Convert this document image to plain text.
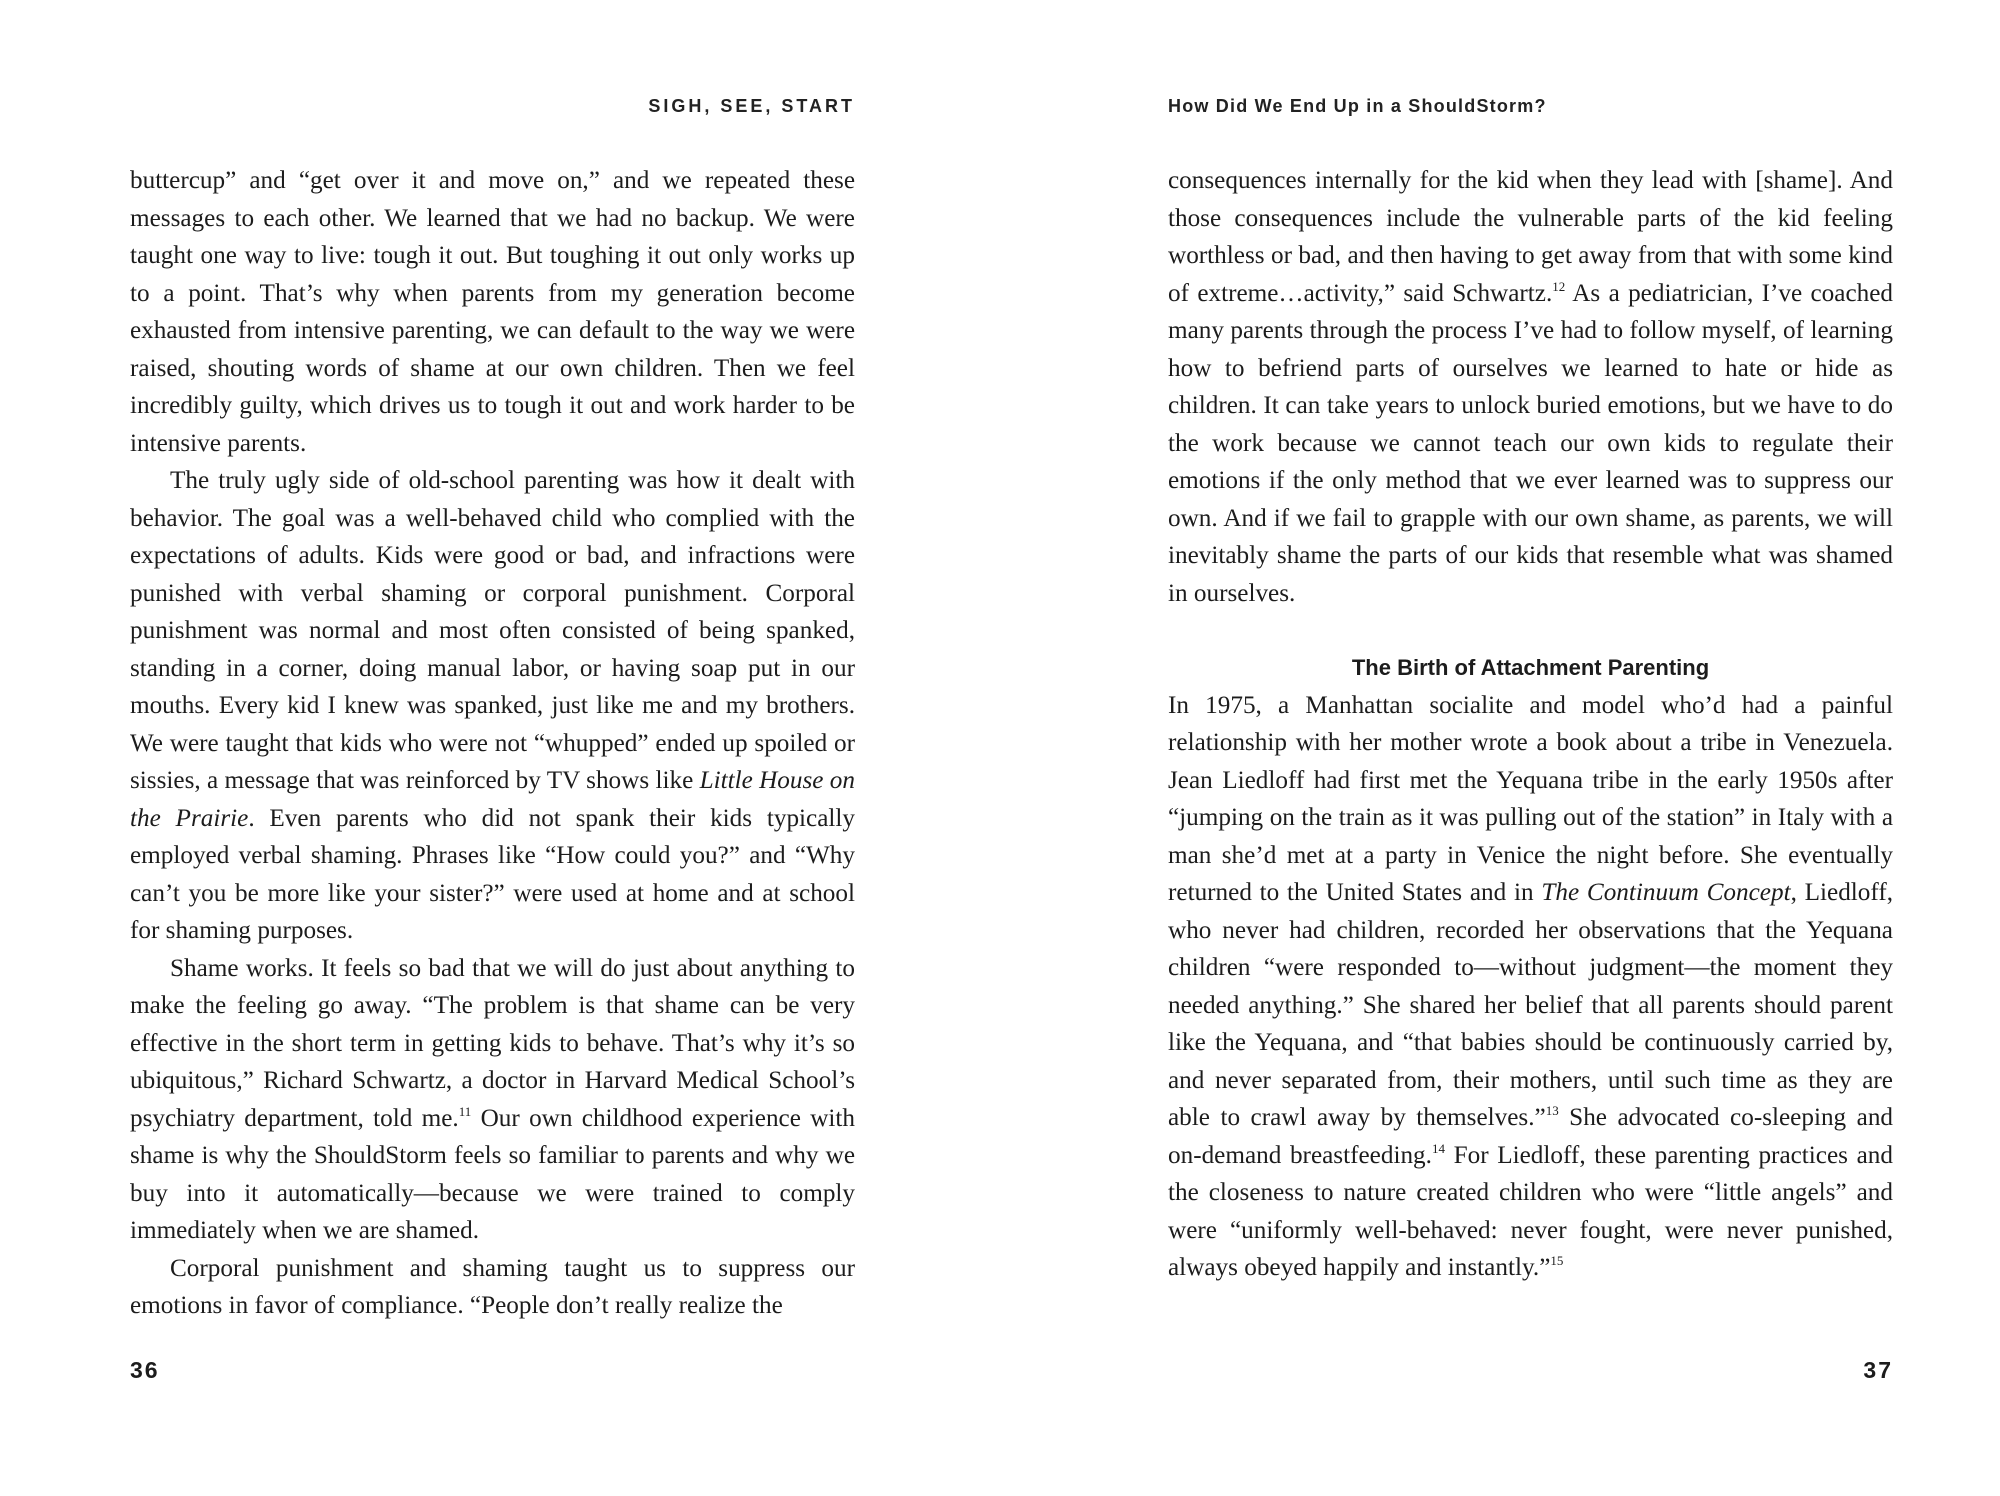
SIGH, SEE, START

buttercup” and “get over it and move on,” and we repeated these messages to each other. We learned that we had no backup. We were taught one way to live: tough it out. But toughing it out only works up to a point. That’s why when parents from my generation become exhausted from intensive parenting, we can default to the way we were raised, shouting words of shame at our own children. Then we feel incredibly guilty, which drives us to tough it out and work harder to be intensive parents.

The truly ugly side of old-school parenting was how it dealt with behavior. The goal was a well-behaved child who complied with the expectations of adults. Kids were good or bad, and infractions were punished with verbal shaming or corporal punishment. Corporal punishment was normal and most often consisted of being spanked, standing in a corner, doing manual labor, or having soap put in our mouths. Every kid I knew was spanked, just like me and my brothers. We were taught that kids who were not “whupped” ended up spoiled or sissies, a message that was reinforced by TV shows like Little House on the Prairie. Even parents who did not spank their kids typically employed verbal shaming. Phrases like “How could you?” and “Why can’t you be more like your sister?” were used at home and at school for shaming purposes.

Shame works. It feels so bad that we will do just about anything to make the feeling go away. “The problem is that shame can be very effective in the short term in getting kids to behave. That’s why it’s so ubiquitous,” Richard Schwartz, a doctor in Harvard Medical School’s psychiatry department, told me.$^{11}$ Our own childhood experience with shame is why the ShouldStorm feels so familiar to parents and why we buy into it automatically—because we were trained to comply immediately when we are shamed.

Corporal punishment and shaming taught us to suppress our emotions in favor of compliance. “People don’t really realize the

36
How Did We End Up in a ShouldStorm?

consequences internally for the kid when they lead with [shame]. And those consequences include the vulnerable parts of the kid feeling worthless or bad, and then having to get away from that with some kind of extreme…activity,” said Schwartz.$^{12}$ As a pediatrician, I’ve coached many parents through the process I’ve had to follow myself, of learning how to befriend parts of ourselves we learned to hate or hide as children. It can take years to unlock buried emotions, but we have to do the work because we cannot teach our own kids to regulate their emotions if the only method that we ever learned was to suppress our own. And if we fail to grapple with our own shame, as parents, we will inevitably shame the parts of our kids that resemble what was shamed in ourselves.

The Birth of Attachment Parenting

In 1975, a Manhattan socialite and model who’d had a painful relationship with her mother wrote a book about a tribe in Venezuela. Jean Liedloff had first met the Yequana tribe in the early 1950s after “jumping on the train as it was pulling out of the station” in Italy with a man she’d met at a party in Venice the night before. She eventually returned to the United States and in The Continuum Concept, Liedloff, who never had children, recorded her observations that the Yequana children “were responded to—without judgment—the moment they needed anything.” She shared her belief that all parents should parent like the Yequana, and “that babies should be continuously carried by, and never separated from, their mothers, until such time as they are able to crawl away by themselves.”$^{13}$ She advocated co-sleeping and on-demand breastfeeding.$^{14}$ For Liedloff, these parenting practices and the closeness to nature created children who were “little angels” and were “uniformly well-behaved: never fought, were never punished, always obeyed happily and instantly.”$^{15}$

37
